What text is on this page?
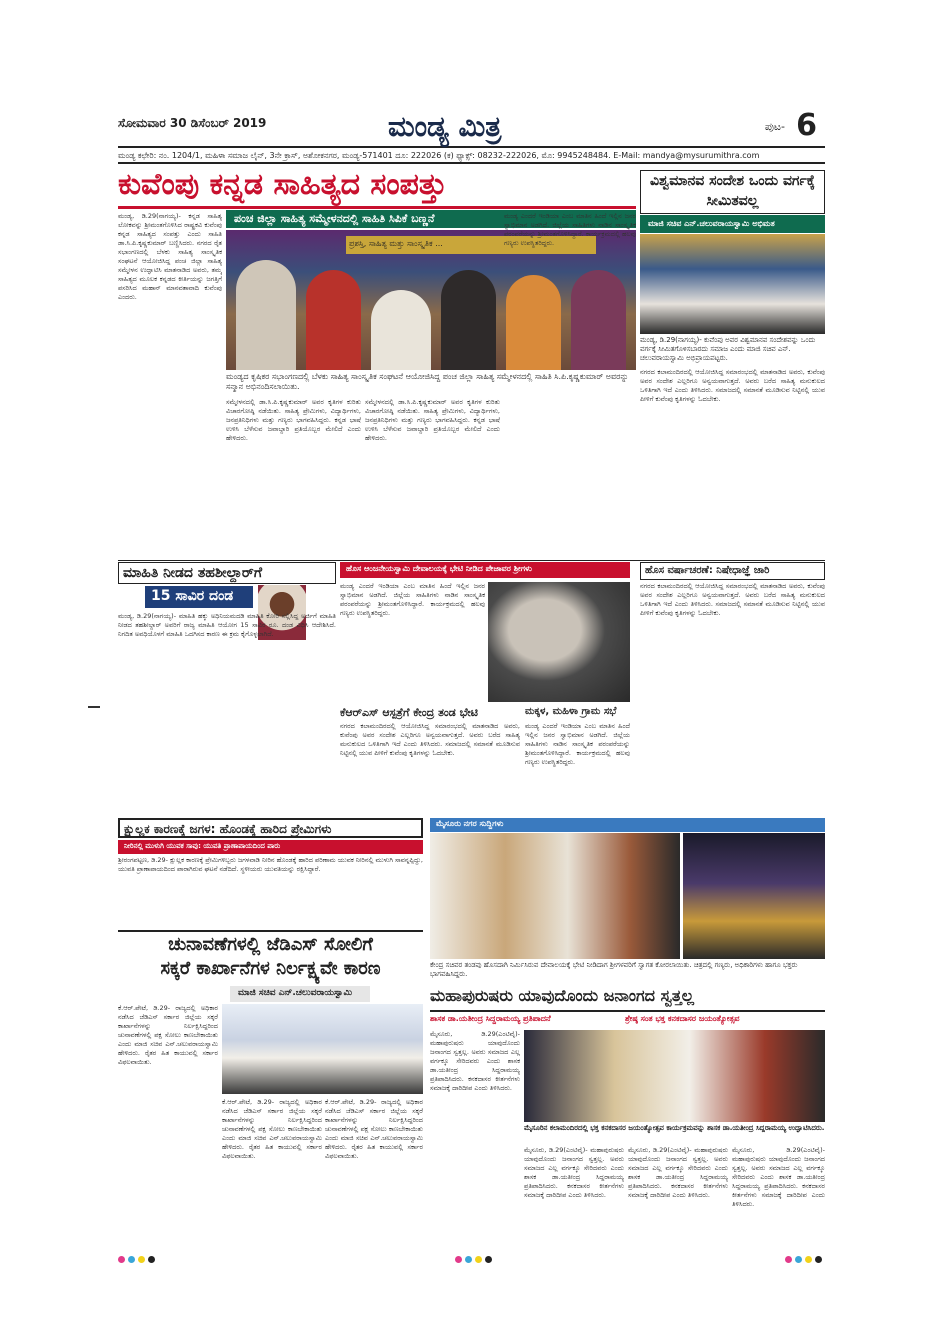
ಸೋಮವಾರ 30 ಡಿಸೆಂಬರ್ 2019	ಮಂಡ್ಯ ಮಿತ್ರ	ಪುಟ- 6
ಮಂಡ್ಯ ಕಛೇರಿ: ನಂ. 1204/1, ಮಹಿಳಾ ಸಮಾಜ ಲೈನ್, 3ನೇ ಕ್ರಾಸ್, ಅಶೋಕನಗರ, ಮಂಡ್ಯ-571401 ದೂ: 222026 (ಕ) ಫ್ಯಾಕ್ಸ್: 08232-222026, ಮೊ: 9945248484. E-Mail: mandya@mysurumithra.com
ಕುವೆಂಪು ಕನ್ನಡ ಸಾಹಿತ್ಯದ ಸಂಪತ್ತು
ಪಂಚ ಜಿಲ್ಲಾ ಸಾಹಿತ್ಯ ಸಮ್ಮೇಳನದಲ್ಲಿ ಸಾಹಿತಿ ಸಿಪಿಕೆ ಬಣ್ಣನೆ
ಪ್ರಶಸ್ತಿ, ಸಾಹಿತ್ಯ ಮತ್ತು ಸಾಂಸ್ಕೃತಿಕ ...
ಮಂಡ್ಯದ ಕೃಷಿಕರ ಸಭಾಂಗಣದಲ್ಲಿ ಬೆಳಕು ಸಾಹಿತ್ಯ ಸಾಂಸ್ಕೃತಿಕ ಸಂಘಟನೆ ಆಯೋಜಿಸಿದ್ದ ಪಂಚ ಜಿಲ್ಲಾ ಸಾಹಿತ್ಯ ಸಮ್ಮೇಳನದಲ್ಲಿ ಸಾಹಿತಿ ಸಿ.ಪಿ.ಕೃಷ್ಣಕುಮಾರ್ ಅವರನ್ನು ಸನ್ಮಾನ ಅಭಿನಂದಿಸಲಾಯಿತು.
ಮಂಡ್ಯ, ಡಿ.29(ನಾಗಯ್ಯ)- ಕನ್ನಡ ಸಾಹಿತ್ಯ ಲೋಕವನ್ನು ಶ್ರೀಮಂತಗೊಳಿಸಿದ ರಾಷ್ಟ್ರಕವಿ ಕುವೆಂಪು ಕನ್ನಡ ಸಾಹಿತ್ಯದ ಸಂಪತ್ತು ಎಂದು ಸಾಹಿತಿ ಡಾ.ಸಿ.ಪಿ.ಕೃಷ್ಣಕುಮಾರ್ ಬಣ್ಣಿಸಿದರು. ನಗರದ ರೈತ ಸಭಾಂಗಣದಲ್ಲಿ ಬೆಳಕು ಸಾಹಿತ್ಯ ಸಾಂಸ್ಕೃತಿಕ ಸಂಘಟನೆ ಆಯೋಜಿಸಿದ್ದ ಪಂಚ ಜಿಲ್ಲಾ ಸಾಹಿತ್ಯ ಸಮ್ಮೇಳನ ಉದ್ಘಾಟಿಸಿ ಮಾತನಾಡಿದ ಅವರು, ತಮ್ಮ ಸಾಹಿತ್ಯದ ಮೂಲಕ ಕನ್ನಡದ ಕೀರ್ತಿಯನ್ನು ಜಗತ್ತಿಗೆ ಪಸರಿಸಿದ ಮಹಾನ್ ಮಾನವತಾವಾದಿ ಕುವೆಂಪು ಎಂದರು.
ಸಮ್ಮೇಳನದಲ್ಲಿ ಡಾ.ಸಿ.ಪಿ.ಕೃಷ್ಣಕುಮಾರ್ ಅವರ ಕೃತಿಗಳ ಕುರಿತು ವಿಚಾರಗೋಷ್ಠಿ ನಡೆಯಿತು. ಸಾಹಿತ್ಯ ಪ್ರೇಮಿಗಳು, ವಿದ್ಯಾರ್ಥಿಗಳು, ಜನಪ್ರತಿನಿಧಿಗಳು ಮತ್ತು ಗಣ್ಯರು ಭಾಗವಹಿಸಿದ್ದರು. ಕನ್ನಡ ಭಾಷೆ ಉಳಿಸಿ ಬೆಳೆಸುವ ಜವಾಬ್ದಾರಿ ಪ್ರತಿಯೊಬ್ಬರ ಮೇಲಿದೆ ಎಂದು ಹೇಳಿದರು.
ಸಮ್ಮೇಳನದಲ್ಲಿ ಡಾ.ಸಿ.ಪಿ.ಕೃಷ್ಣಕುಮಾರ್ ಅವರ ಕೃತಿಗಳ ಕುರಿತು ವಿಚಾರಗೋಷ್ಠಿ ನಡೆಯಿತು. ಸಾಹಿತ್ಯ ಪ್ರೇಮಿಗಳು, ವಿದ್ಯಾರ್ಥಿಗಳು, ಜನಪ್ರತಿನಿಧಿಗಳು ಮತ್ತು ಗಣ್ಯರು ಭಾಗವಹಿಸಿದ್ದರು. ಕನ್ನಡ ಭಾಷೆ ಉಳಿಸಿ ಬೆಳೆಸುವ ಜವಾಬ್ದಾರಿ ಪ್ರತಿಯೊಬ್ಬರ ಮೇಲಿದೆ ಎಂದು ಹೇಳಿದರು.
ಮಂಡ್ಯ ಎಂದರೆ ಇಂಡಿಯಾ ಎಂಬ ಮಾತಿನ ಹಿಂದೆ ಇಲ್ಲಿನ ಜನರ ಸ್ವಾಭಿಮಾನ ಅಡಗಿದೆ. ಜಿಲ್ಲೆಯ ಸಾಹಿತಿಗಳು ನಾಡಿನ ಸಾಂಸ್ಕೃತಿಕ ಪರಂಪರೆಯನ್ನು ಶ್ರೀಮಂತಗೊಳಿಸಿದ್ದಾರೆ. ಕಾರ್ಯಕ್ರಮದಲ್ಲಿ ಹಲವು ಗಣ್ಯರು ಉಪಸ್ಥಿತರಿದ್ದರು.
ವಿಶ್ವಮಾನವ ಸಂದೇಶ ಒಂದು ವರ್ಗಕ್ಕೆ ಸೀಮಿತವಲ್ಲ
ಮಾಜಿ ಸಚಿವ ಎನ್.ಚಲುವರಾಯಸ್ವಾಮಿ ಅಭಿಮತ
ಮಂಡ್ಯ, ಡಿ.29(ನಾಗಯ್ಯ)- ಕುವೆಂಪು ಅವರ ವಿಶ್ವಮಾನವ ಸಂದೇಶವನ್ನು ಒಂದು ವರ್ಗಕ್ಕೆ ಸೀಮಿತಗೊಳಿಸಬಾರದು ಸಮಾಜ ಎಂದು ಮಾಜಿ ಸಚಿವ ಎನ್. ಚಲುವರಾಯಸ್ವಾಮಿ ಅಭಿಪ್ರಾಯಪಟ್ಟರು.
ನಗರದ ಕಲಾಮಂದಿರದಲ್ಲಿ ಆಯೋಜಿಸಿದ್ದ ಸಮಾರಂಭದಲ್ಲಿ ಮಾತನಾಡಿದ ಅವರು, ಕುವೆಂಪು ಅವರ ಸಂದೇಶ ಎಲ್ಲರಿಗೂ ಅನ್ವಯವಾಗುತ್ತದೆ. ಅವರು ಬರೆದ ಸಾಹಿತ್ಯ ಮನುಕುಲದ ಒಳಿತಿಗಾಗಿ ಇದೆ ಎಂದು ತಿಳಿಸಿದರು. ಸಮಾಜದಲ್ಲಿ ಸಮಾನತೆ ಮೂಡಿಸುವ ನಿಟ್ಟಿನಲ್ಲಿ ಯುವ ಪೀಳಿಗೆ ಕುವೆಂಪು ಕೃತಿಗಳನ್ನು ಓದಬೇಕು.
ಮಾಹಿತಿ ನೀಡದ ತಹಶೀಲ್ದಾರ್‌ಗೆ
15 ಸಾವಿರ ದಂಡ
ಮಂಡ್ಯ, ಡಿ.29(ನಾಗಯ್ಯ)- ಮಾಹಿತಿ ಹಕ್ಕು ಅಧಿನಿಯಮದಡಿ ಮಾಹಿತಿ ಕೋರಿ ಸಲ್ಲಿಸಿದ್ದ ಅರ್ಜಿಗೆ ಮಾಹಿತಿ ನೀಡದ ತಹಶೀಲ್ದಾರ್ ಅವರಿಗೆ ರಾಜ್ಯ ಮಾಹಿತಿ ಆಯೋಗ 15 ಸಾವಿರ ರೂ. ದಂಡ ವಿಧಿಸಿ ಆದೇಶಿಸಿದೆ. ನಿಗದಿತ ಅವಧಿಯೊಳಗೆ ಮಾಹಿತಿ ಒದಗಿಸದ ಕಾರಣ ಈ ಕ್ರಮ ಕೈಗೊಳ್ಳಲಾಗಿದೆ.
ಹೊಸ ಆಂಜನೇಯಸ್ವಾಮಿ ದೇವಾಲಯಕ್ಕೆ ಭೇಟಿ ನೀಡಿದ ಪೇಜಾವರ ಶ್ರೀಗಳು
ಮಂಡ್ಯ ಎಂದರೆ ಇಂಡಿಯಾ ಎಂಬ ಮಾತಿನ ಹಿಂದೆ ಇಲ್ಲಿನ ಜನರ ಸ್ವಾಭಿಮಾನ ಅಡಗಿದೆ. ಜಿಲ್ಲೆಯ ಸಾಹಿತಿಗಳು ನಾಡಿನ ಸಾಂಸ್ಕೃತಿಕ ಪರಂಪರೆಯನ್ನು ಶ್ರೀಮಂತಗೊಳಿಸಿದ್ದಾರೆ. ಕಾರ್ಯಕ್ರಮದಲ್ಲಿ ಹಲವು ಗಣ್ಯರು ಉಪಸ್ಥಿತರಿದ್ದರು.
ಕೆಆರ್‌ಎಸ್ ಆಸ್ಪತ್ರೆಗೆ ಕೇಂದ್ರ ತಂಡ ಭೇಟಿ
ನಗರದ ಕಲಾಮಂದಿರದಲ್ಲಿ ಆಯೋಜಿಸಿದ್ದ ಸಮಾರಂಭದಲ್ಲಿ ಮಾತನಾಡಿದ ಅವರು, ಕುವೆಂಪು ಅವರ ಸಂದೇಶ ಎಲ್ಲರಿಗೂ ಅನ್ವಯವಾಗುತ್ತದೆ. ಅವರು ಬರೆದ ಸಾಹಿತ್ಯ ಮನುಕುಲದ ಒಳಿತಿಗಾಗಿ ಇದೆ ಎಂದು ತಿಳಿಸಿದರು. ಸಮಾಜದಲ್ಲಿ ಸಮಾನತೆ ಮೂಡಿಸುವ ನಿಟ್ಟಿನಲ್ಲಿ ಯುವ ಪೀಳಿಗೆ ಕುವೆಂಪು ಕೃತಿಗಳನ್ನು ಓದಬೇಕು.
ಮಕ್ಕಳ, ಮಹಿಳಾ ಗ್ರಾಮ ಸಭೆ
ಮಂಡ್ಯ ಎಂದರೆ ಇಂಡಿಯಾ ಎಂಬ ಮಾತಿನ ಹಿಂದೆ ಇಲ್ಲಿನ ಜನರ ಸ್ವಾಭಿಮಾನ ಅಡಗಿದೆ. ಜಿಲ್ಲೆಯ ಸಾಹಿತಿಗಳು ನಾಡಿನ ಸಾಂಸ್ಕೃತಿಕ ಪರಂಪರೆಯನ್ನು ಶ್ರೀಮಂತಗೊಳಿಸಿದ್ದಾರೆ. ಕಾರ್ಯಕ್ರಮದಲ್ಲಿ ಹಲವು ಗಣ್ಯರು ಉಪಸ್ಥಿತರಿದ್ದರು.
ಹೊಸ ವರ್ಷಾಚರಣೆ: ನಿಷೇಧಾಜ್ಞೆ ಜಾರಿ
ನಗರದ ಕಲಾಮಂದಿರದಲ್ಲಿ ಆಯೋಜಿಸಿದ್ದ ಸಮಾರಂಭದಲ್ಲಿ ಮಾತನಾಡಿದ ಅವರು, ಕುವೆಂಪು ಅವರ ಸಂದೇಶ ಎಲ್ಲರಿಗೂ ಅನ್ವಯವಾಗುತ್ತದೆ. ಅವರು ಬರೆದ ಸಾಹಿತ್ಯ ಮನುಕುಲದ ಒಳಿತಿಗಾಗಿ ಇದೆ ಎಂದು ತಿಳಿಸಿದರು. ಸಮಾಜದಲ್ಲಿ ಸಮಾನತೆ ಮೂಡಿಸುವ ನಿಟ್ಟಿನಲ್ಲಿ ಯುವ ಪೀಳಿಗೆ ಕುವೆಂಪು ಕೃತಿಗಳನ್ನು ಓದಬೇಕು.
ಮೈಸೂರು ನಗರ ಸುದ್ದಿಗಳು
ಕೇಂದ್ರ ಸಚಿವರ ತಂಡವು ಹೊಸದಾಗಿ ನಿರ್ಮಿಸಿರುವ ದೇವಾಲಯಕ್ಕೆ ಭೇಟಿ ನೀಡಿದಾಗ ಶ್ರೀಗಳವರಿಗೆ ಸ್ವಾಗತ ಕೋರಲಾಯಿತು. ಚಿತ್ರದಲ್ಲಿ ಗಣ್ಯರು, ಅಧಿಕಾರಿಗಳು ಹಾಗೂ ಭಕ್ತರು ಭಾಗವಹಿಸಿದ್ದರು.
ಕ್ಷುಲ್ಲಕ ಕಾರಣಕ್ಕೆ ಜಗಳ: ಹೊಂಡಕ್ಕೆ ಹಾರಿದ ಪ್ರೇಮಿಗಳು
ನೀರಿನಲ್ಲಿ ಮುಳುಗಿ ಯುವಕ ಸಾವು: ಯುವತಿ ಪ್ರಾಣಾಪಾಯದಿಂದ ಪಾರು
ಶ್ರೀರಂಗಪಟ್ಟಣ, ಡಿ.29- ಕ್ಷುಲ್ಲಕ ಕಾರಣಕ್ಕೆ ಪ್ರೇಮಿಗಳಿಬ್ಬರು ಜಗಳವಾಡಿ ನೀರಿನ ಹೊಂಡಕ್ಕೆ ಹಾರಿದ ಪರಿಣಾಮ ಯುವಕ ನೀರಿನಲ್ಲಿ ಮುಳುಗಿ ಸಾವನ್ನಪ್ಪಿದ್ದು, ಯುವತಿ ಪ್ರಾಣಾಪಾಯದಿಂದ ಪಾರಾಗಿರುವ ಘಟನೆ ನಡೆದಿದೆ. ಸ್ಥಳೀಯರು ಯುವತಿಯನ್ನು ರಕ್ಷಿಸಿದ್ದಾರೆ.
ಚುನಾವಣೆಗಳಲ್ಲಿ ಜೆಡಿಎಸ್ ಸೋಲಿಗೆ
ಸಕ್ಕರೆ ಕಾರ್ಖಾನೆಗಳ ನಿರ್ಲಕ್ಷ್ಯವೇ ಕಾರಣ
ಮಾಜಿ ಸಚಿವ ಎನ್.ಚಲುವರಾಯಸ್ವಾಮಿ
ಕೆ.ಆರ್.ಪೇಟೆ, ಡಿ.29- ರಾಜ್ಯದಲ್ಲಿ ಅಧಿಕಾರ ನಡೆಸಿದ ಜೆಡಿಎಸ್ ಸರ್ಕಾರ ಜಿಲ್ಲೆಯ ಸಕ್ಕರೆ ಕಾರ್ಖಾನೆಗಳನ್ನು ನಿರ್ಲಕ್ಷಿಸಿದ್ದರಿಂದ ಚುನಾವಣೆಗಳಲ್ಲಿ ಪಕ್ಷ ಸೋಲು ಕಾಣಬೇಕಾಯಿತು ಎಂದು ಮಾಜಿ ಸಚಿವ ಎನ್.ಚಲುವರಾಯಸ್ವಾಮಿ ಹೇಳಿದರು. ರೈತರ ಹಿತ ಕಾಯುವಲ್ಲಿ ಸರ್ಕಾರ ವಿಫಲವಾಯಿತು.
ಕೆ.ಆರ್.ಪೇಟೆ, ಡಿ.29- ರಾಜ್ಯದಲ್ಲಿ ಅಧಿಕಾರ ನಡೆಸಿದ ಜೆಡಿಎಸ್ ಸರ್ಕಾರ ಜಿಲ್ಲೆಯ ಸಕ್ಕರೆ ಕಾರ್ಖಾನೆಗಳನ್ನು ನಿರ್ಲಕ್ಷಿಸಿದ್ದರಿಂದ ಚುನಾವಣೆಗಳಲ್ಲಿ ಪಕ್ಷ ಸೋಲು ಕಾಣಬೇಕಾಯಿತು ಎಂದು ಮಾಜಿ ಸಚಿವ ಎನ್.ಚಲುವರಾಯಸ್ವಾಮಿ ಹೇಳಿದರು. ರೈತರ ಹಿತ ಕಾಯುವಲ್ಲಿ ಸರ್ಕಾರ ವಿಫಲವಾಯಿತು.
ಕೆ.ಆರ್.ಪೇಟೆ, ಡಿ.29- ರಾಜ್ಯದಲ್ಲಿ ಅಧಿಕಾರ ನಡೆಸಿದ ಜೆಡಿಎಸ್ ಸರ್ಕಾರ ಜಿಲ್ಲೆಯ ಸಕ್ಕರೆ ಕಾರ್ಖಾನೆಗಳನ್ನು ನಿರ್ಲಕ್ಷಿಸಿದ್ದರಿಂದ ಚುನಾವಣೆಗಳಲ್ಲಿ ಪಕ್ಷ ಸೋಲು ಕಾಣಬೇಕಾಯಿತು ಎಂದು ಮಾಜಿ ಸಚಿವ ಎನ್.ಚಲುವರಾಯಸ್ವಾಮಿ ಹೇಳಿದರು. ರೈತರ ಹಿತ ಕಾಯುವಲ್ಲಿ ಸರ್ಕಾರ ವಿಫಲವಾಯಿತು.
ಮಹಾಪುರುಷರು ಯಾವುದೊಂದು ಜನಾಂಗದ ಸ್ವತ್ತಲ್ಲ
ಶಾಸಕ ಡಾ.ಯತೀಂದ್ರ ಸಿದ್ದರಾಮಯ್ಯ ಪ್ರತಿಪಾದನೆ	ಶ್ರೇಷ್ಠ ಸಂತ ಭಕ್ತ ಕನಕದಾಸರ ಜಯಂತ್ಯೋತ್ಸವ
ಮೈಸೂರು, ಡಿ.29(ಎಂಟಿವೈ)- ಮಹಾಪುರುಷರು ಯಾವುದೊಂದು ಜನಾಂಗದ ಸ್ವತ್ತಲ್ಲ. ಅವರು ಸಮಾಜದ ಎಲ್ಲ ವರ್ಗಕ್ಕೂ ಸೇರಿದವರು ಎಂದು ಶಾಸಕ ಡಾ.ಯತೀಂದ್ರ ಸಿದ್ದರಾಮಯ್ಯ ಪ್ರತಿಪಾದಿಸಿದರು. ಕನಕದಾಸರ ಕೀರ್ತನೆಗಳು ಸಮಾಜಕ್ಕೆ ದಾರಿದೀಪ ಎಂದು ತಿಳಿಸಿದರು.
ಮೈಸೂರಿನ ಕಲಾಮಂದಿರದಲ್ಲಿ ಭಕ್ತ ಕನಕದಾಸರ ಜಯಂತ್ಯೋತ್ಸವ ಕಾರ್ಯಕ್ರಮವನ್ನು ಶಾಸಕ ಡಾ.ಯತೀಂದ್ರ ಸಿದ್ದರಾಮಯ್ಯ ಉದ್ಘಾಟಿಸಿದರು.
ಮೈಸೂರು, ಡಿ.29(ಎಂಟಿವೈ)- ಮಹಾಪುರುಷರು ಯಾವುದೊಂದು ಜನಾಂಗದ ಸ್ವತ್ತಲ್ಲ. ಅವರು ಸಮಾಜದ ಎಲ್ಲ ವರ್ಗಕ್ಕೂ ಸೇರಿದವರು ಎಂದು ಶಾಸಕ ಡಾ.ಯತೀಂದ್ರ ಸಿದ್ದರಾಮಯ್ಯ ಪ್ರತಿಪಾದಿಸಿದರು. ಕನಕದಾಸರ ಕೀರ್ತನೆಗಳು ಸಮಾಜಕ್ಕೆ ದಾರಿದೀಪ ಎಂದು ತಿಳಿಸಿದರು.
ಮೈಸೂರು, ಡಿ.29(ಎಂಟಿವೈ)- ಮಹಾಪುರುಷರು ಯಾವುದೊಂದು ಜನಾಂಗದ ಸ್ವತ್ತಲ್ಲ. ಅವರು ಸಮಾಜದ ಎಲ್ಲ ವರ್ಗಕ್ಕೂ ಸೇರಿದವರು ಎಂದು ಶಾಸಕ ಡಾ.ಯತೀಂದ್ರ ಸಿದ್ದರಾಮಯ್ಯ ಪ್ರತಿಪಾದಿಸಿದರು. ಕನಕದಾಸರ ಕೀರ್ತನೆಗಳು ಸಮಾಜಕ್ಕೆ ದಾರಿದೀಪ ಎಂದು ತಿಳಿಸಿದರು.
ಮೈಸೂರು, ಡಿ.29(ಎಂಟಿವೈ)- ಮಹಾಪುರುಷರು ಯಾವುದೊಂದು ಜನಾಂಗದ ಸ್ವತ್ತಲ್ಲ. ಅವರು ಸಮಾಜದ ಎಲ್ಲ ವರ್ಗಕ್ಕೂ ಸೇರಿದವರು ಎಂದು ಶಾಸಕ ಡಾ.ಯತೀಂದ್ರ ಸಿದ್ದರಾಮಯ್ಯ ಪ್ರತಿಪಾದಿಸಿದರು. ಕನಕದಾಸರ ಕೀರ್ತನೆಗಳು ಸಮಾಜಕ್ಕೆ ದಾರಿದೀಪ ಎಂದು ತಿಳಿಸಿದರು.
